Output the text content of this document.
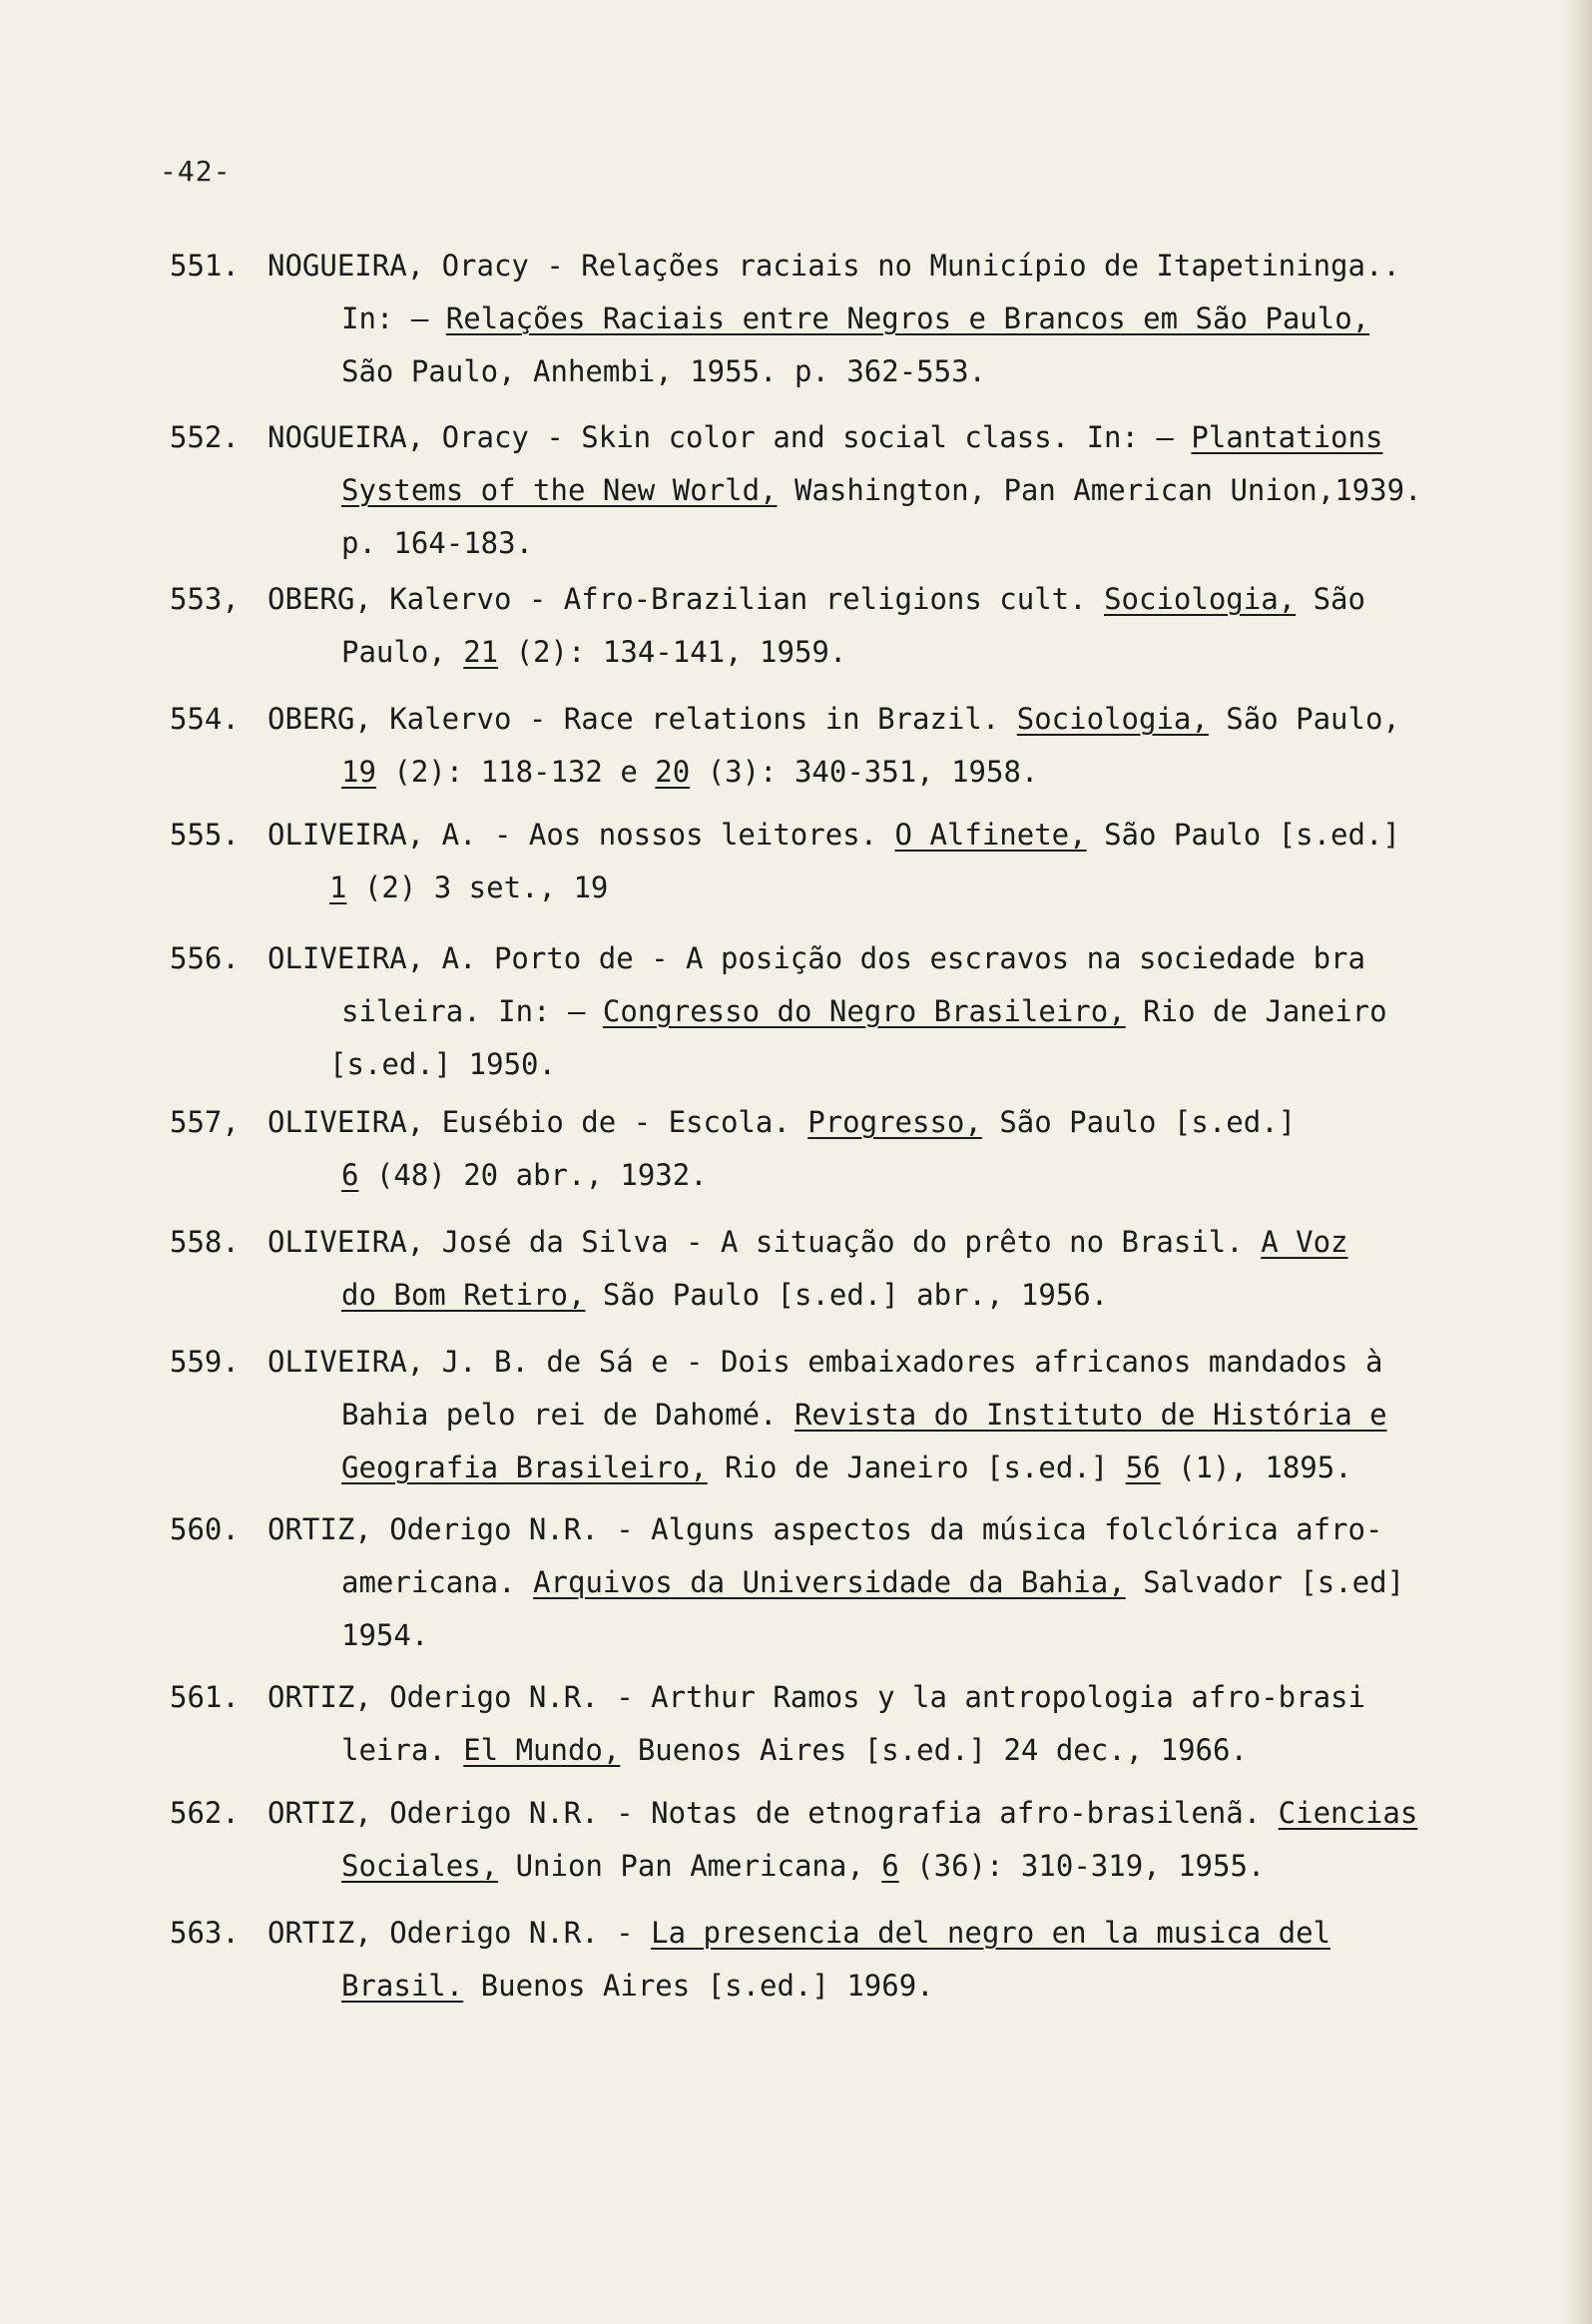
-42-
551. NOGUEIRA, Oracy - Relações raciais no Município de Itapetininga..
In: — Relações Raciais entre Negros e Brancos em São Paulo,
São Paulo, Anhembi, 1955. p. 362-553.
552. NOGUEIRA, Oracy - Skin color and social class. In: — Plantations
Systems of the New World, Washington, Pan American Union,1939.
p. 164-183.
553, OBERG, Kalervo - Afro-Brazilian religions cult. Sociologia, São
Paulo, 21 (2): 134-141, 1959.
554. OBERG, Kalervo - Race relations in Brazil. Sociologia, São Paulo,
19 (2): 118-132 e 20 (3): 340-351, 1958.
555. OLIVEIRA, A. - Aos nossos leitores. O Alfinete, São Paulo [s.ed.]
1 (2) 3 set., 19
556. OLIVEIRA, A. Porto de - A posição dos escravos na sociedade bra
sileira. In: — Congresso do Negro Brasileiro, Rio de Janeiro
[s.ed.] 1950.
557, OLIVEIRA, Eusébio de - Escola. Progresso, São Paulo [s.ed.]
6 (48) 20 abr., 1932.
558. OLIVEIRA, José da Silva - A situação do prêto no Brasil. A Voz
do Bom Retiro, São Paulo [s.ed.] abr., 1956.
559. OLIVEIRA, J. B. de Sá e - Dois embaixadores africanos mandados à
Bahia pelo rei de Dahomé. Revista do Instituto de História e
Geografia Brasileiro, Rio de Janeiro [s.ed.] 56 (1), 1895.
560. ORTIZ, Oderigo N.R. - Alguns aspectos da música folclórica afro-
americana. Arquivos da Universidade da Bahia, Salvador [s.ed]
1954.
561. ORTIZ, Oderigo N.R. - Arthur Ramos y la antropologia afro-brasi
leira. El Mundo, Buenos Aires [s.ed.] 24 dec., 1966.
562. ORTIZ, Oderigo N.R. - Notas de etnografia afro-brasilenã. Ciencias
Sociales, Union Pan Americana, 6 (36): 310-319, 1955.
563. ORTIZ, Oderigo N.R. - La presencia del negro en la musica del
Brasil. Buenos Aires [s.ed.] 1969.
